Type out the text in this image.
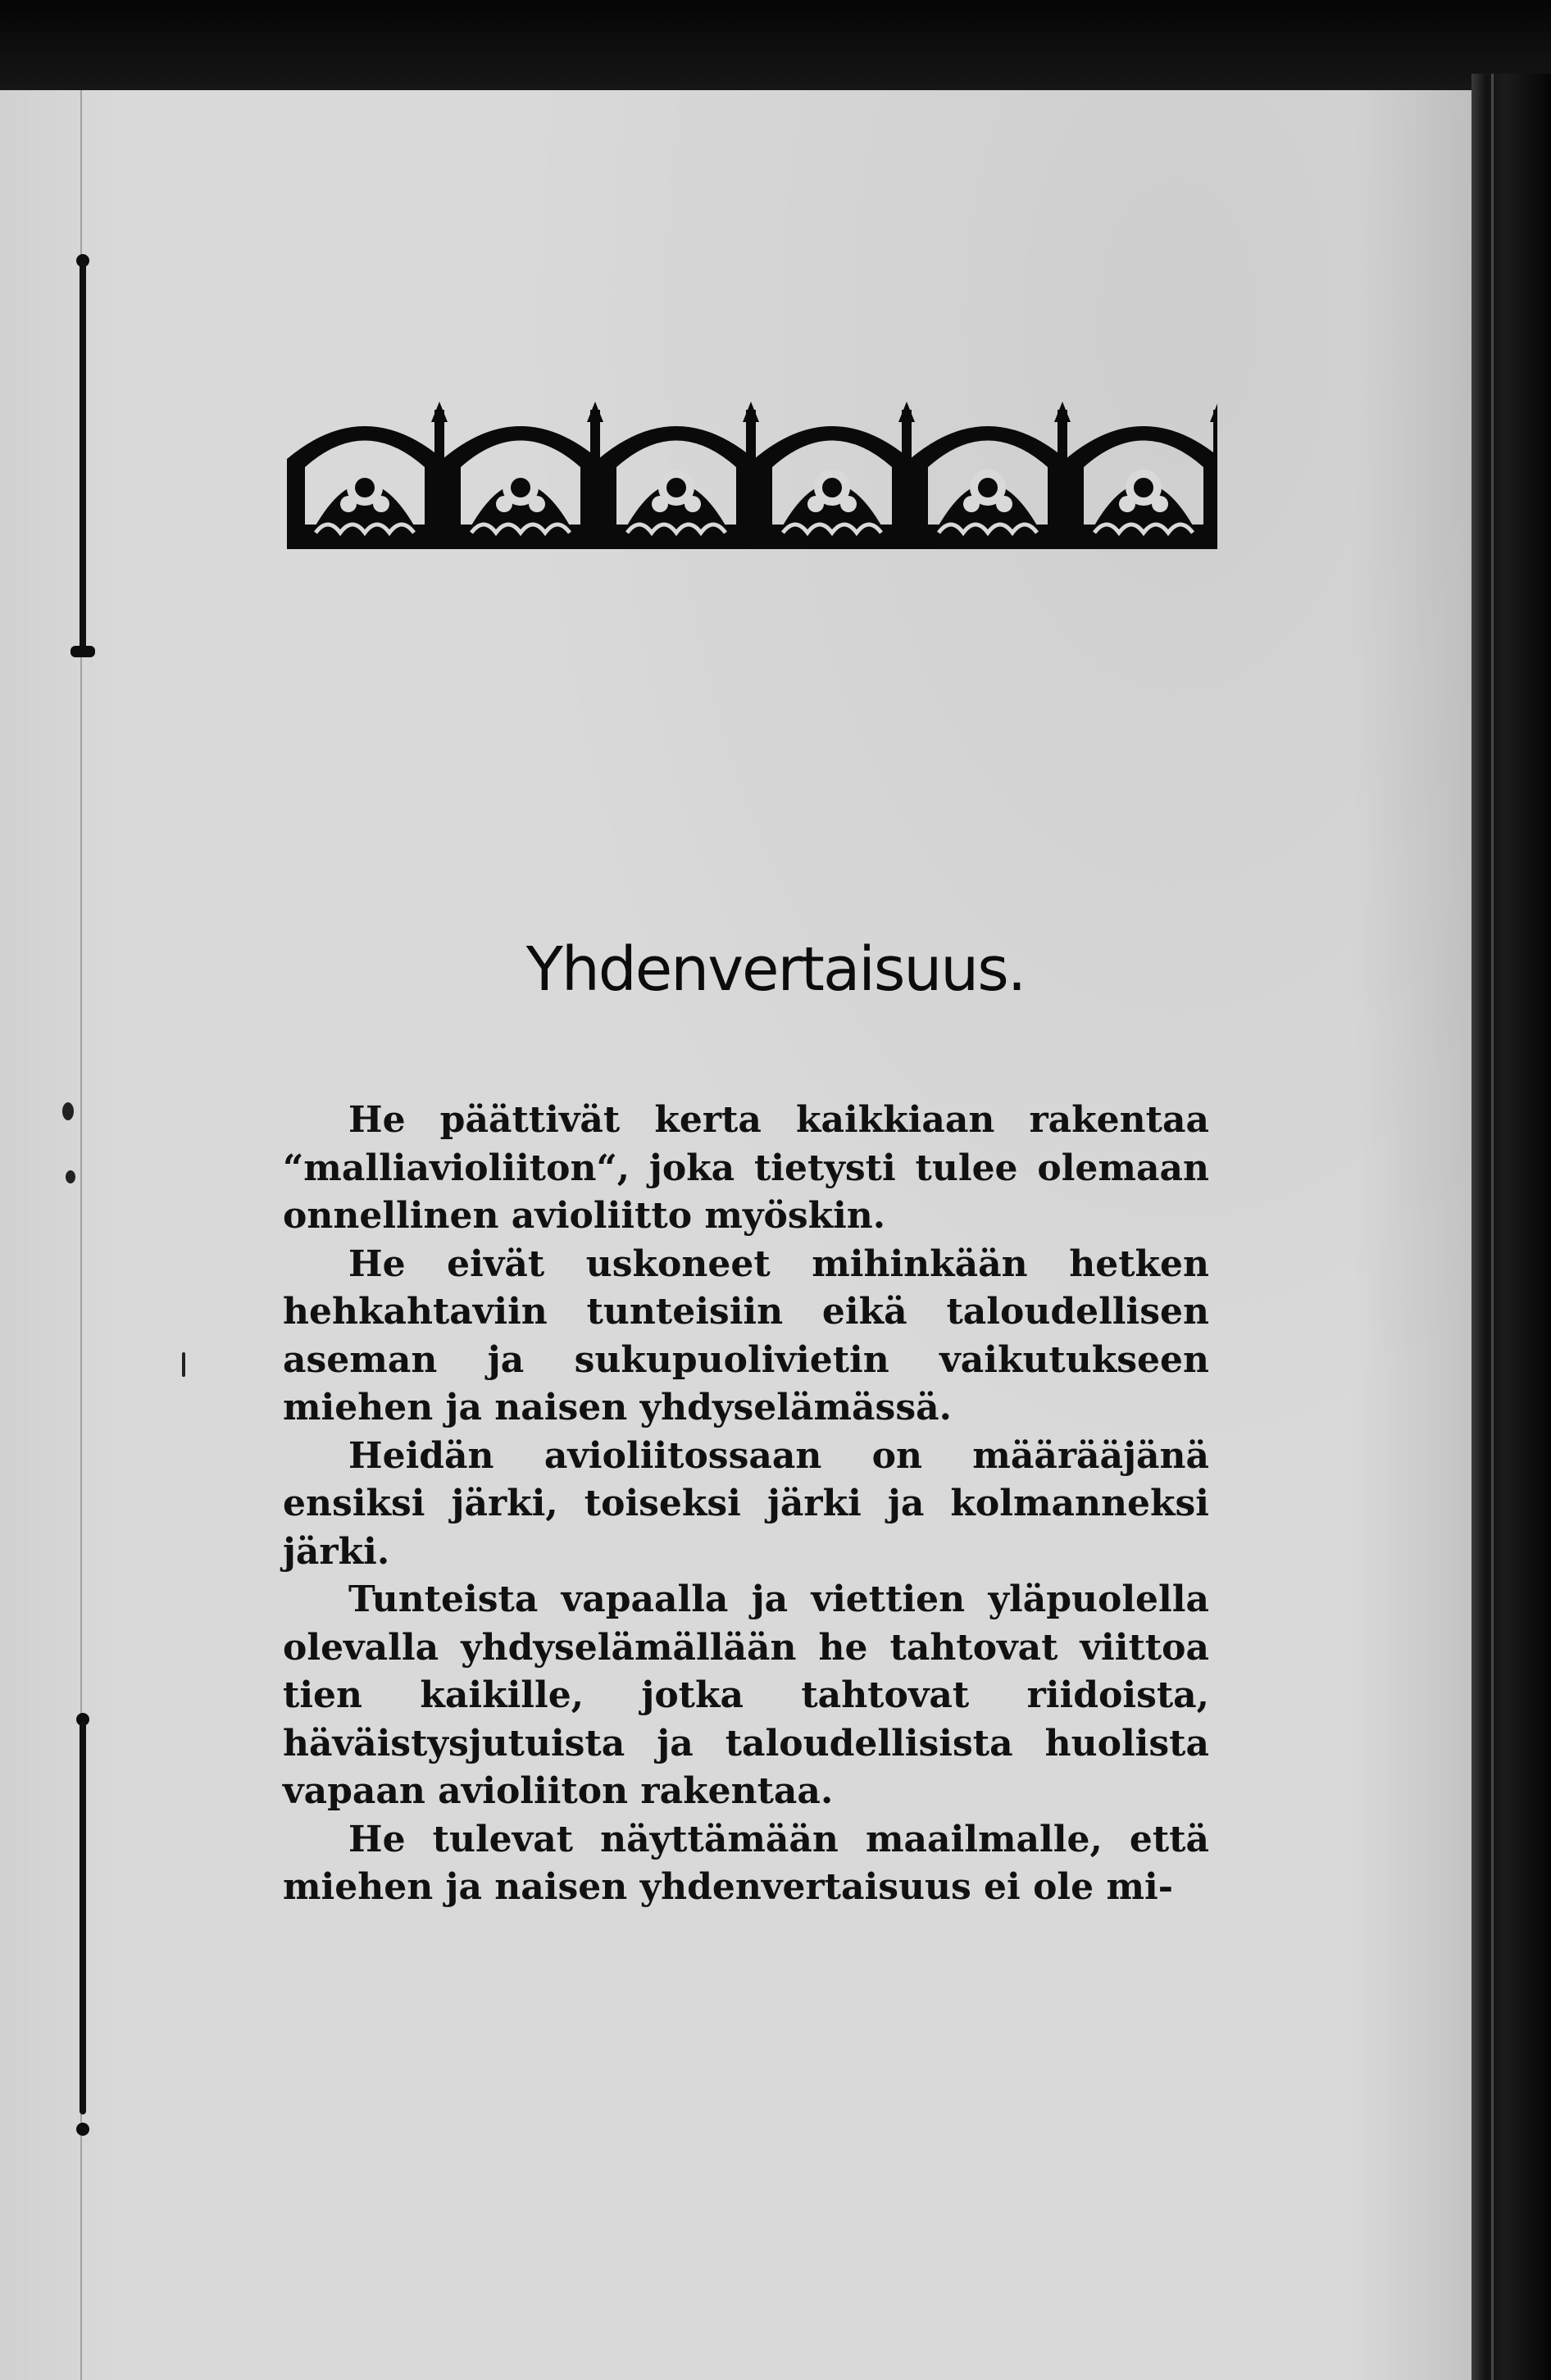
Yhdenvertaisuus.

He päättivät kerta kaikkiaan rakentaa “malliavioliiton“, joka tietysti tulee olemaan onnellinen avioliitto myöskin.

He eivät uskoneet mihinkään hetken hehkahtaviin tunteisiin eikä taloudellisen aseman ja sukupuolivietin vaikutukseen miehen ja naisen yhdyselämässä.

Heidän avioliitossaan on määrääjänä ensiksi järki, toiseksi järki ja kolmanneksi järki.

Tunteista vapaalla ja viettien yläpuolella olevalla yhdyselämällään he tahtovat viittoa tien kaikille, jotka tahtovat riidoista, häväistysjutuista ja taloudellisista huolista vapaan avioliiton rakentaa.

He tulevat näyttämään maailmalle, että miehen ja naisen yhdenvertaisuus ei ole mi-
